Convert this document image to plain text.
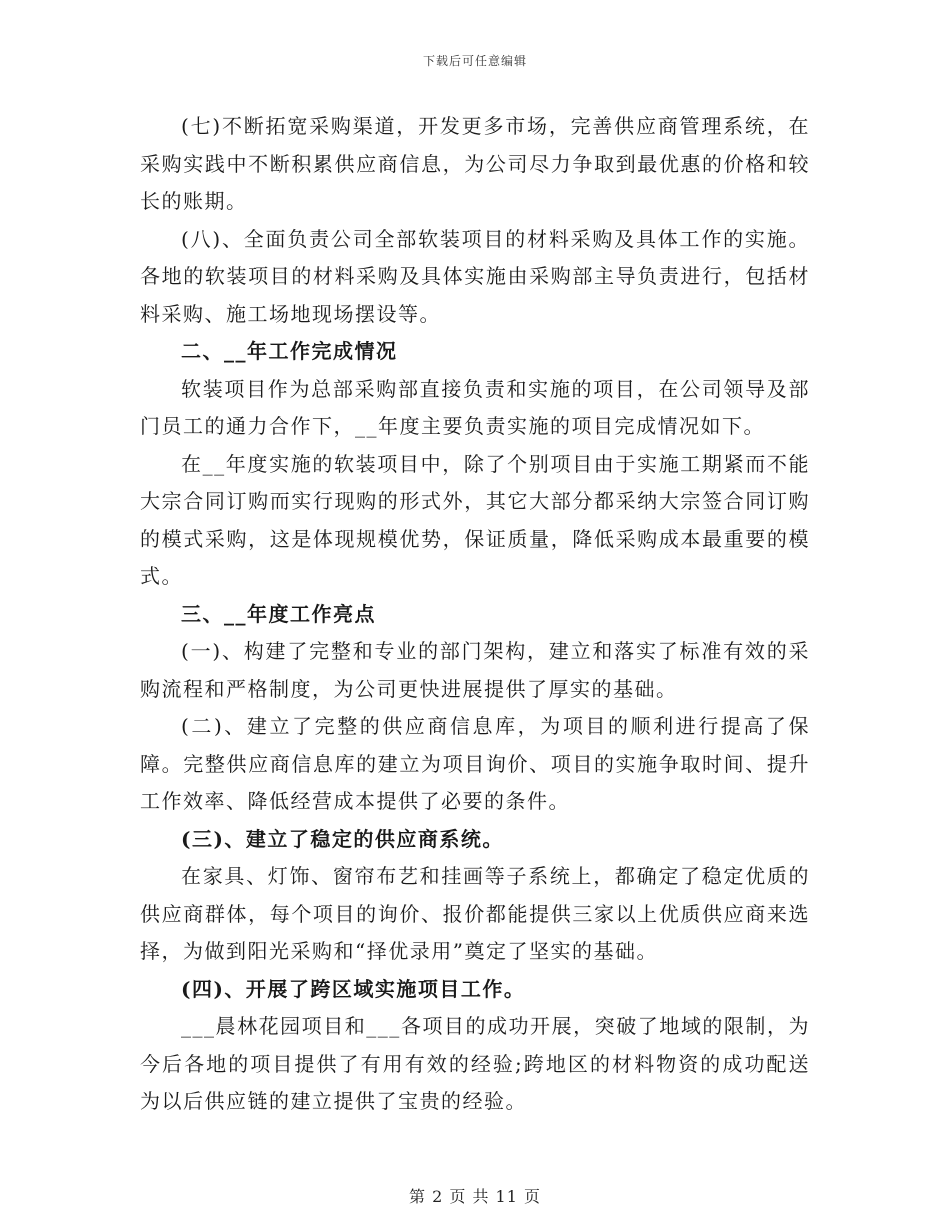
下载后可任意编辑

(七)不断拓宽采购渠道，开发更多市场，完善供应商管理系统，在采购实践中不断积累供应商信息，为公司尽力争取到最优惠的价格和较长的账期。

(八)、全面负责公司全部软装项目的材料采购及具体工作的实施。各地的软装项目的材料采购及具体实施由采购部主导负责进行，包括材料采购、施工场地现场摆设等。

二、__年工作完成情况

软装项目作为总部采购部直接负责和实施的项目，在公司领导及部门员工的通力合作下，__年度主要负责实施的项目完成情况如下。

在__年度实施的软装项目中，除了个别项目由于实施工期紧而不能大宗合同订购而实行现购的形式外，其它大部分都采纳大宗签合同订购的模式采购，这是体现规模优势，保证质量，降低采购成本最重要的模式。

三、__年度工作亮点

(一)、构建了完整和专业的部门架构，建立和落实了标准有效的采购流程和严格制度，为公司更快进展提供了厚实的基础。

(二)、建立了完整的供应商信息库，为项目的顺利进行提高了保障。完整供应商信息库的建立为项目询价、项目的实施争取时间、提升工作效率、降低经营成本提供了必要的条件。

(三)、建立了稳定的供应商系统。

在家具、灯饰、窗帘布艺和挂画等子系统上，都确定了稳定优质的供应商群体，每个项目的询价、报价都能提供三家以上优质供应商来选择，为做到阳光采购和“择优录用”奠定了坚实的基础。

(四)、开展了跨区域实施项目工作。

___晨林花园项目和___各项目的成功开展，突破了地域的限制，为今后各地的项目提供了有用有效的经验;跨地区的材料物资的成功配送为以后供应链的建立提供了宝贵的经验。

第 2 页 共 11 页
